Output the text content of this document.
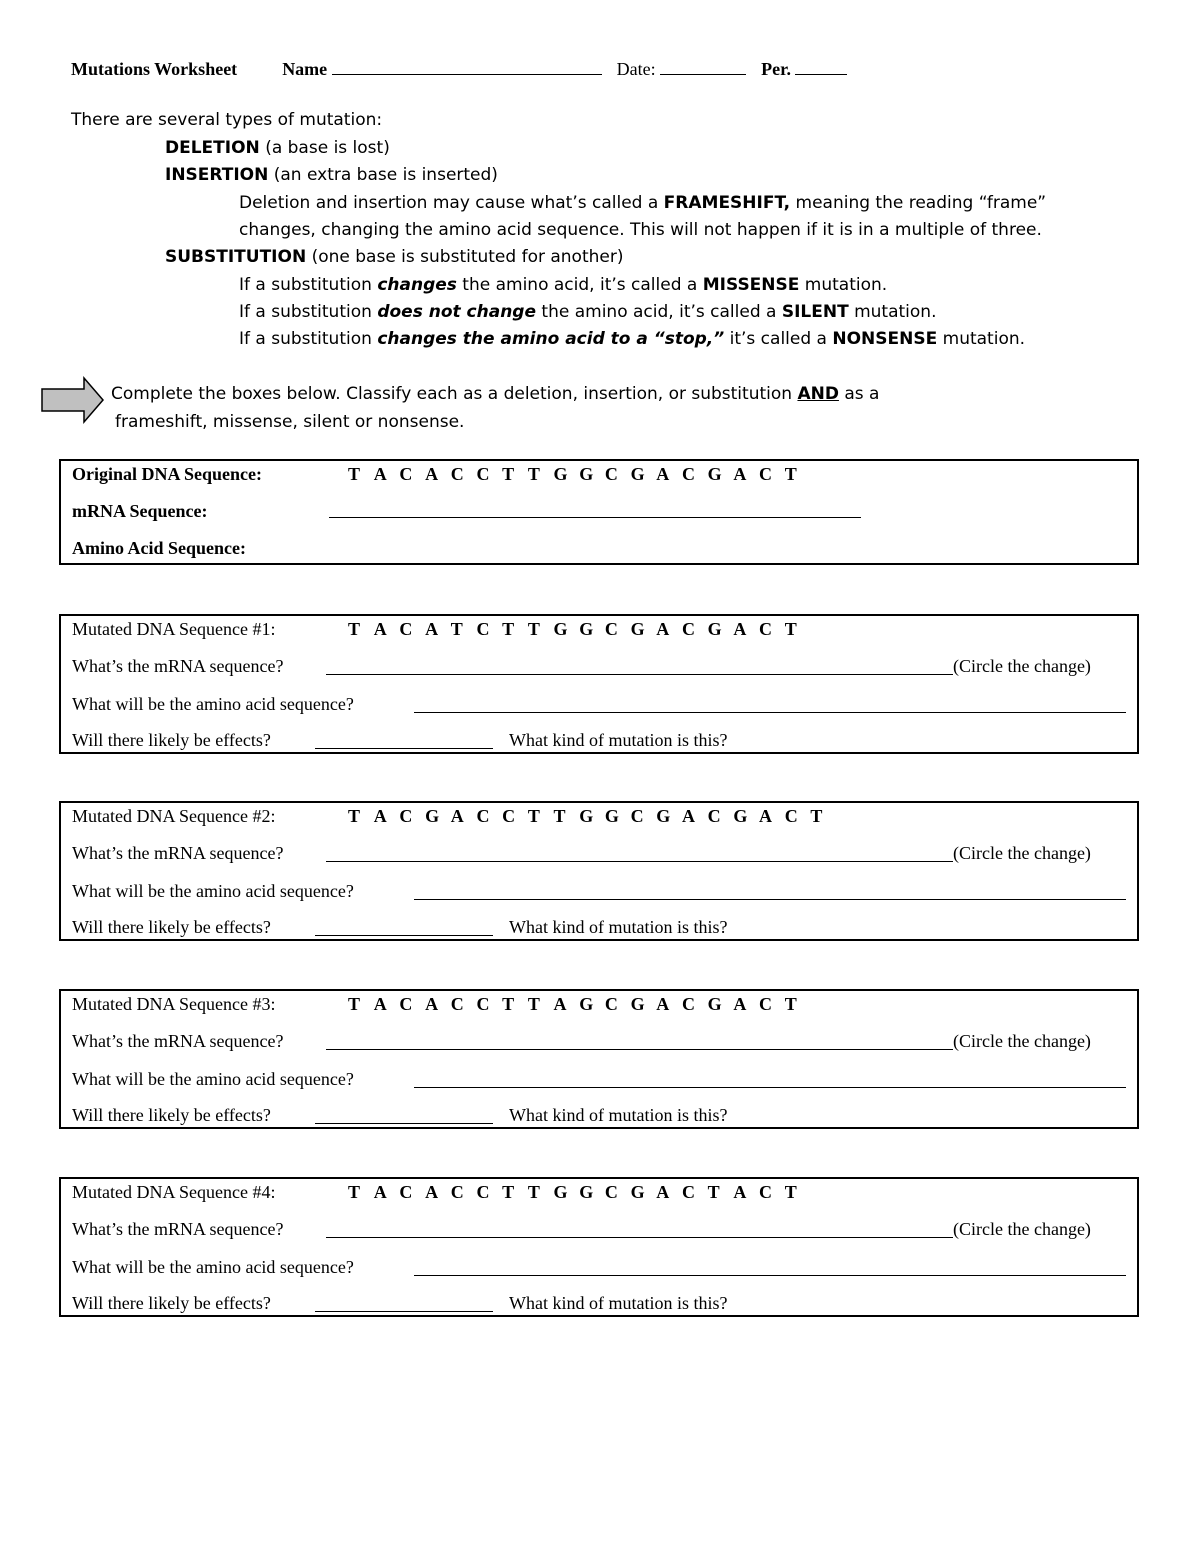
Mutations Worksheet	Name	Date:	Per.
There are several types of mutation:
DELETION (a base is lost)
INSERTION (an extra base is inserted)
Deletion and insertion may cause what’s called a FRAMESHIFT, meaning the reading “frame”
changes, changing the amino acid sequence. This will not happen if it is in a multiple of three.
SUBSTITUTION (one base is substituted for another)
If a substitution changes the amino acid, it’s called a MISSENSE mutation.
If a substitution does not change the amino acid, it’s called a SILENT mutation.
If a substitution changes the amino acid to a “stop,” it’s called a NONSENSE mutation.
Complete the boxes below. Classify each as a deletion, insertion, or substitution AND as a
frameshift, missense, silent or nonsense.
Original DNA Sequence:	T A C A C C T T G G C G A C G A C T
mRNA Sequence:
Amino Acid Sequence:
Mutated DNA Sequence #1:	T A C A T C T T G G C G A C G A C T
What’s the mRNA sequence?	(Circle the change)
What will be the amino acid sequence?
Will there likely be effects?	What kind of mutation is this?
Mutated DNA Sequence #2:	T A C G A C C T T G G C G A C G A C T
What’s the mRNA sequence?	(Circle the change)
What will be the amino acid sequence?
Will there likely be effects?	What kind of mutation is this?
Mutated DNA Sequence #3:	T A C A C C T T A G C G A C G A C T
What’s the mRNA sequence?	(Circle the change)
What will be the amino acid sequence?
Will there likely be effects?	What kind of mutation is this?
Mutated DNA Sequence #4:	T A C A C C T T G G C G A C T A C T
What’s the mRNA sequence?	(Circle the change)
What will be the amino acid sequence?
Will there likely be effects?	What kind of mutation is this?
